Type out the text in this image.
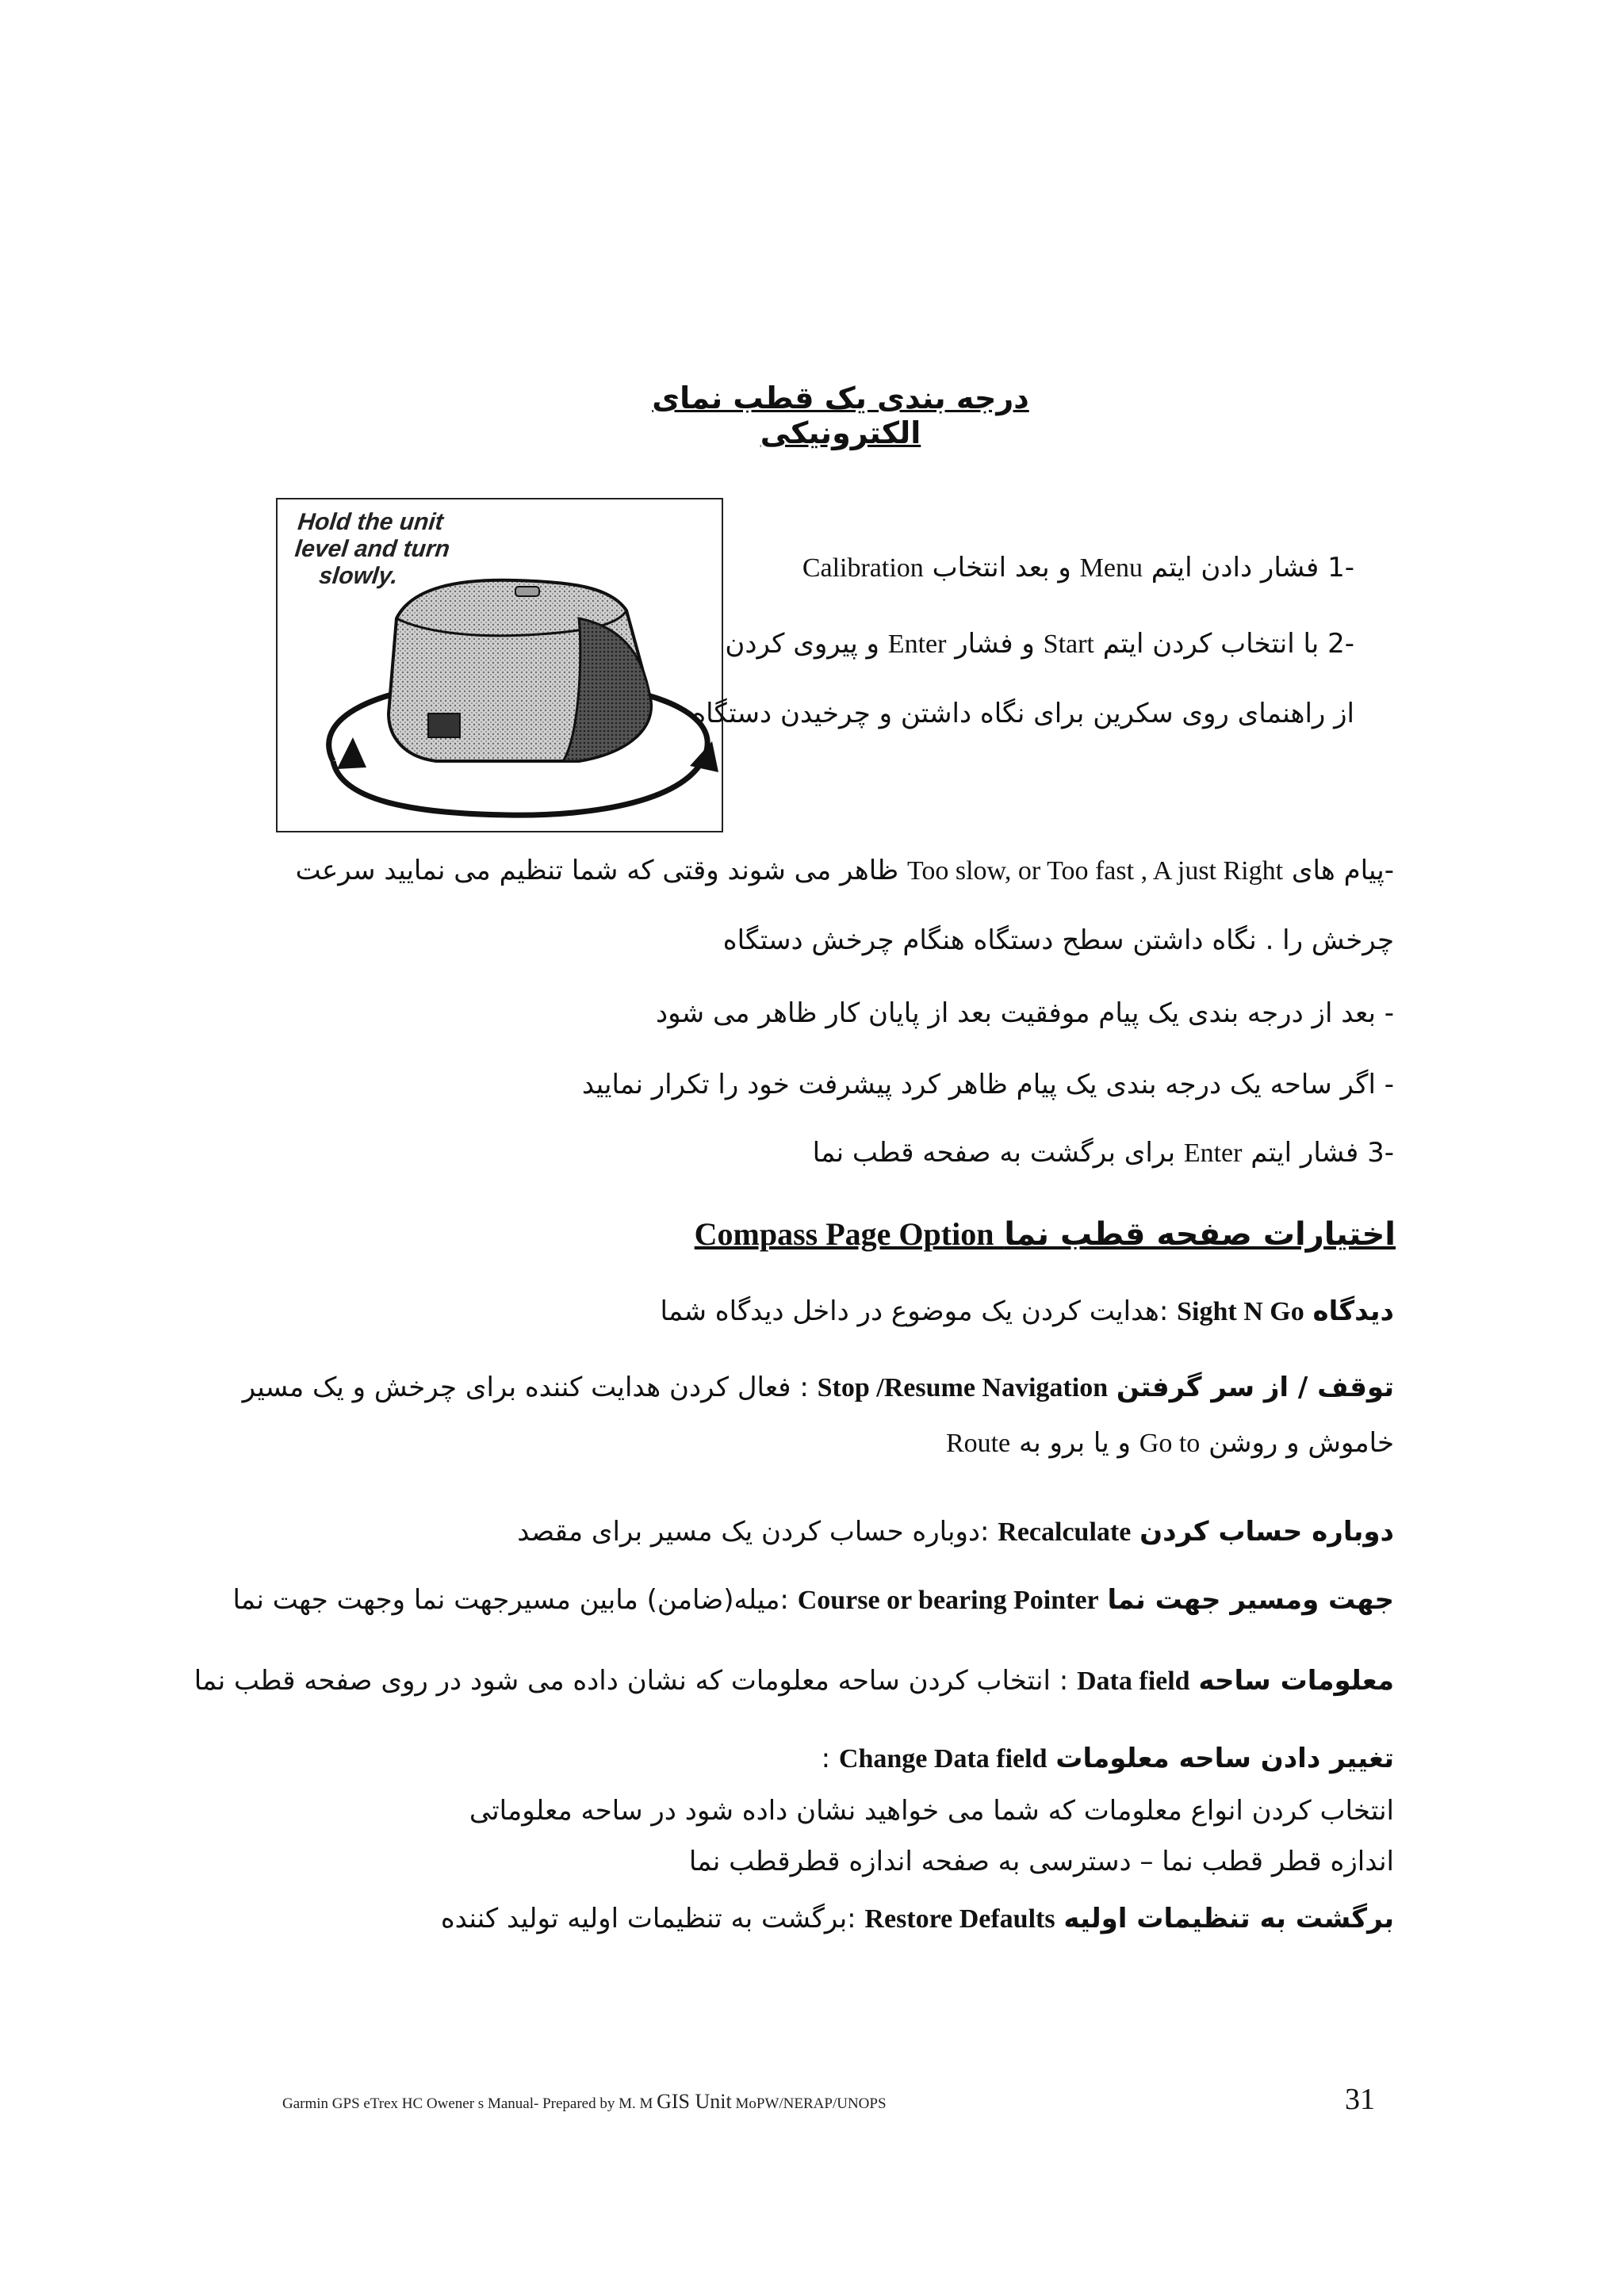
درجه بندی یک قطب نمای الکترونیکی
Hold the unit
level and turn
slowly.	-1 فشار دادن ایتم Menu و بعد انتخاب Calibration
-2 با انتخاب کردن ایتم Start و فشار Enter و پیروی کردن
از راهنمای روی سکرین برای نگاه داشتن و چرخیدن دستگاه
-پیام های Too slow, or Too fast , A just Right ظاهر می شوند وقتی که شما تنظیم می نمایید سرعت
چرخش را . نگاه داشتن سطح دستگاه هنگام چرخش دستگاه
- بعد از درجه بندی یک پیام موفقیت بعد از پایان کار ظاهر می شود
- اگر ساحه یک درجه بندی یک پیام ظاهر کرد پیشرفت خود را تکرار نمایید
-3 فشار ایتم Enter برای برگشت به صفحه قطب نما
اختیارات صفحه قطب نما Compass Page Option
دیدگاه Sight N Go :هدایت کردن یک موضوع در داخل دیدگاه شما
توقف / از سر گرفتن Stop /Resume Navigation : فعال کردن هدایت کننده برای چرخش و یک مسیر
Route و یا برو به Go to خاموش و روشن
دوباره حساب کردن Recalculate :دوباره حساب کردن یک مسیر برای مقصد
جهت ومسیر جهت نما Course or bearing Pointer :میله(ضامن) مابین مسیرجهت نما وجهت جهت نما
معلومات ساحه Data field : انتخاب کردن ساحه معلومات که نشان داده می شود در روی صفحه قطب نما
تغییر دادن ساحه معلومات Change Data field :
انتخاب کردن انواع معلومات که شما می خواهید نشان داده شود در ساحه معلوماتی
اندازه قطر قطب نما – دسترسی به صفحه اندازه قطرقطب نما
برگشت به تنظیمات اولیه Restore Defaults :برگشت به تنظیمات اولیه تولید کننده
Garmin GPS eTrex HC Owener s Manual- Prepared by M. M GIS Unit MoPW/NERAP/UNOPS	31
